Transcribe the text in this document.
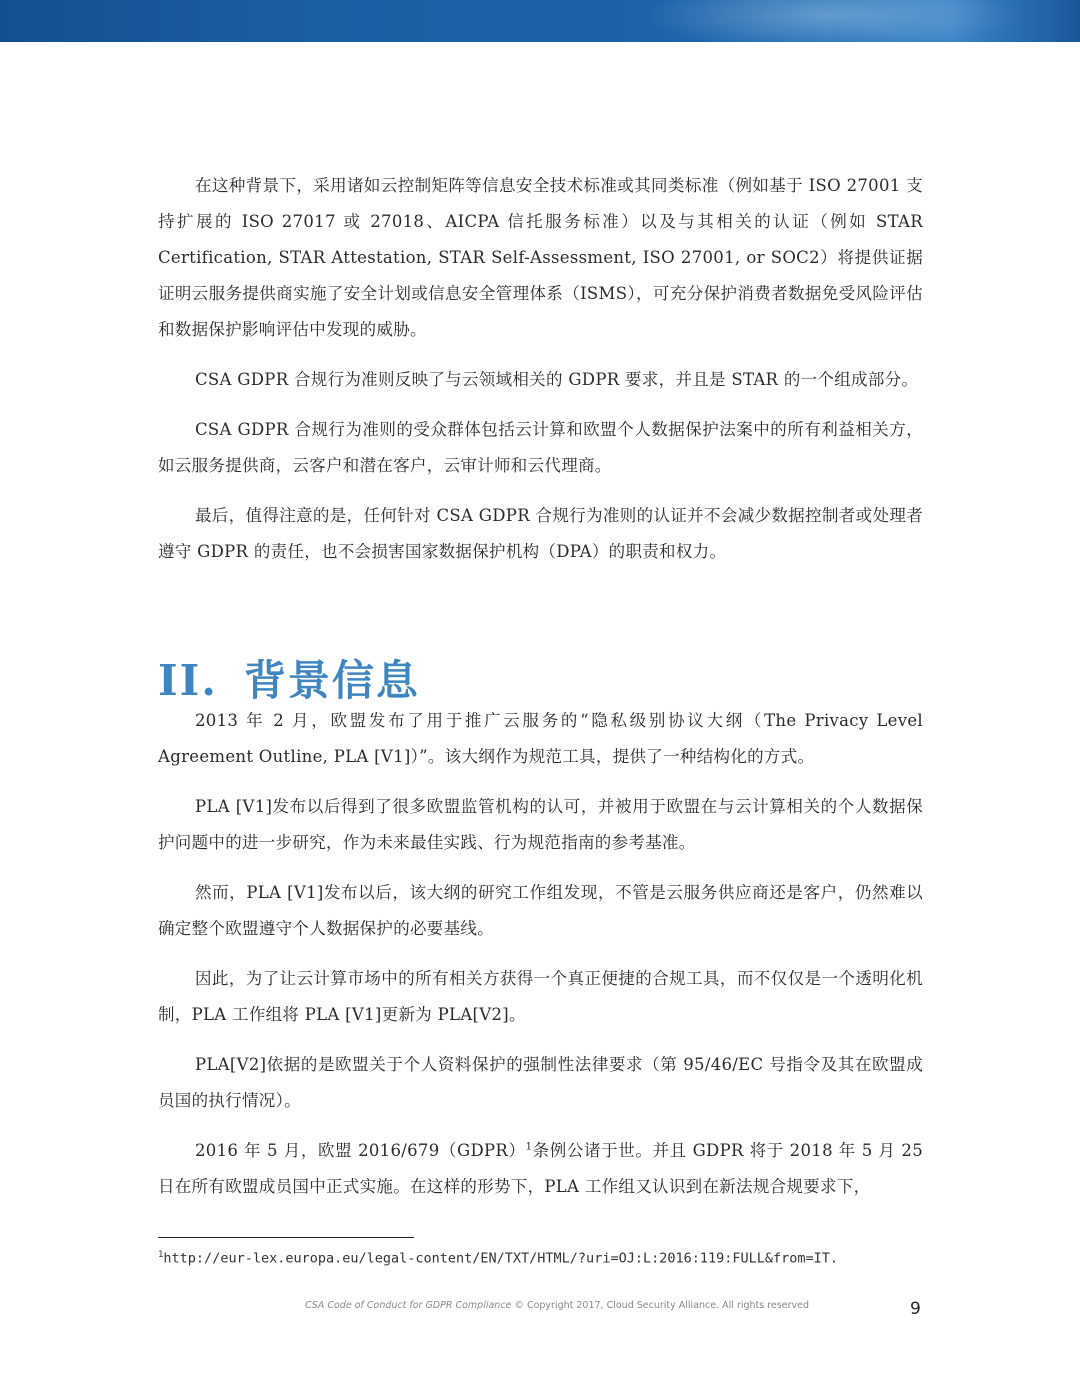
在这种背景下，采用诸如云控制矩阵等信息安全技术标准或其同类标准（例如基于 ISO 27001 支持扩展的 ISO 27017 或 27018、AICPA 信托服务标准）以及与其相关的认证（例如 STAR Certification, STAR Attestation, STAR Self-Assessment, ISO 27001, or SOC2）将提供证据证明云服务提供商实施了安全计划或信息安全管理体系（ISMS），可充分保护消费者数据免受风险评估和数据保护影响评估中发现的威胁。

CSA GDPR 合规行为准则反映了与云领域相关的 GDPR 要求，并且是 STAR 的一个组成部分。

CSA GDPR 合规行为准则的受众群体包括云计算和欧盟个人数据保护法案中的所有利益相关方，如云服务提供商，云客户和潜在客户，云审计师和云代理商。

最后，值得注意的是，任何针对 CSA GDPR 合规行为准则的认证并不会减少数据控制者或处理者遵守 GDPR 的责任，也不会损害国家数据保护机构（DPA）的职责和权力。

II. 背景信息

2013 年 2 月，欧盟发布了用于推广云服务的“隐私级别协议大纲（The Privacy Level Agreement Outline, PLA [V1]）”。该大纲作为规范工具，提供了一种结构化的方式。

PLA [V1]发布以后得到了很多欧盟监管机构的认可，并被用于欧盟在与云计算相关的个人数据保护问题中的进一步研究，作为未来最佳实践、行为规范指南的参考基准。

然而，PLA [V1]发布以后，该大纲的研究工作组发现，不管是云服务供应商还是客户，仍然难以确定整个欧盟遵守个人数据保护的必要基线。

因此，为了让云计算市场中的所有相关方获得一个真正便捷的合规工具，而不仅仅是一个透明化机制，PLA 工作组将 PLA [V1]更新为 PLA[V2]。

PLA[V2]依据的是欧盟关于个人资料保护的强制性法律要求（第 95/46/EC 号指令及其在欧盟成员国的执行情况）。

2016 年 5 月，欧盟 2016/679（GDPR）$^1$条例公诸于世。并且 GDPR 将于 2018 年 5 月 25 日在所有欧盟成员国中正式实施。在这样的形势下，PLA 工作组又认识到在新法规合规要求下，

$^1$http://eur-lex.europa.eu/legal-content/EN/TXT/HTML/?uri=OJ:L:2016:119:FULL&from=IT.
CSA Code of Conduct for GDPR Compliance © Copyright 2017, Cloud Security Alliance. All rights reserved	9
